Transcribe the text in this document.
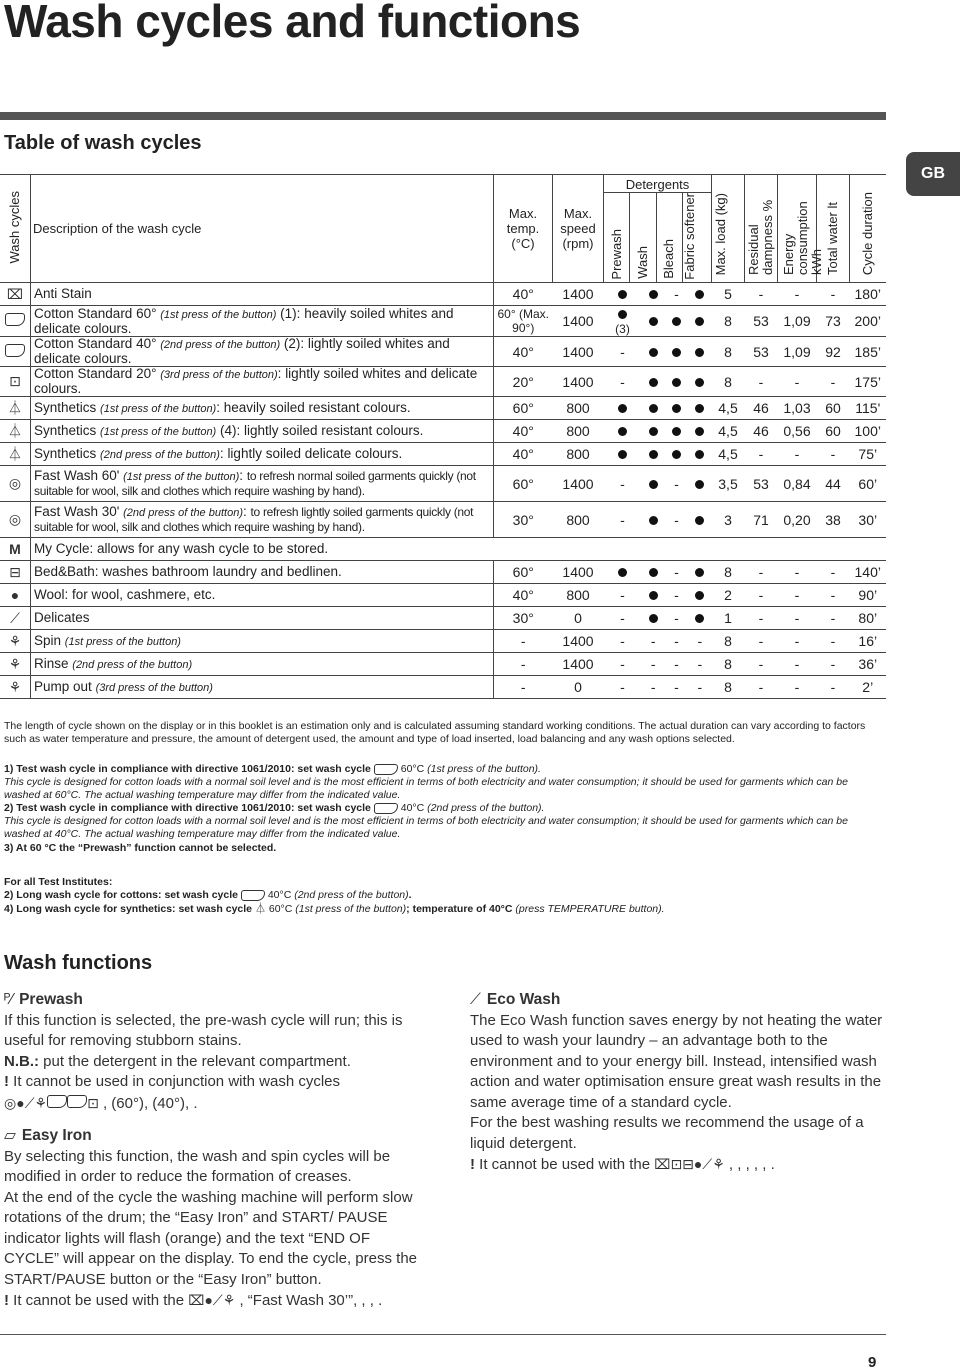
Wash cycles and functions
Table of wash cycles
GB
Wash cycles	Description of the wash cycle	Max. temp. (°C)	Max. speed (rpm)	Detergents
Prewash Wash Bleach Fabric softener				Max. load (kg)	Residual dampness %	Energy consumption kWh	Total water lt	Cycle duration
⌧	Anti Stain	40°	1400			-		5	-	-	-	180’
	Cotton Standard 60° (1st press of the button) (1): heavily soiled whites and delicate colours.	60° (Max. 90°)	1400	(3)				8	53	1,09	73	200’
	Cotton Standard 40° (2nd press of the button) (2): lightly soiled whites and delicate colours.	40°	1400	-				8	53	1,09	92	185’
⊡	Cotton Standard 20° (3rd press of the button): lightly soiled whites and delicate colours.	20°	1400	-				8	-	-	-	175’
⏃	Synthetics (1st press of the button): heavily soiled resistant colours.	60°	800					4,5	46	1,03	60	115'
⏃	Synthetics (1st press of the button) (4): lightly soiled resistant colours.	40°	800					4,5	46	0,56	60	100’
⏃	Synthetics (2nd press of the button): lightly soiled delicate colours.	40°	800					4,5	-	-	-	75’
◎	Fast Wash 60' (1st press of the button): to refresh normal soiled garments quickly (not suitable for wool, silk and clothes which require washing by hand).	60°	1400	-		-		3,5	53	0,84	44	60’
◎	Fast Wash 30' (2nd press of the button): to refresh lightly soiled garments quickly (not suitable for wool, silk and clothes which require washing by hand).	30°	800	-		-		3	71	0,20	38	30’
M	My Cycle: allows for any wash cycle to be stored.											
⊟	Bed&Bath: washes bathroom laundry and bedlinen.	60°	1400			-		8	-	-	-	140’
●	Wool: for wool, cashmere, etc.	40°	800	-		-		2	-	-	-	90’
⟋	Delicates	30°	0	-		-		1	-	-	-	80’
⚘	Spin (1st press of the button)	-	1400	-	-	-	-	8	-	-	-	16’
⚘	Rinse (2nd press of the button)	-	1400	-	-	-	-	8	-	-	-	36’
⚘	Pump out (3rd press of the button)	-	0	-	-	-	-	8	-	-	-	2’
The length of cycle shown on the display or in this booklet is an estimation only and is calculated assuming standard working conditions. The actual duration can vary according to factors such as water temperature and pressure, the amount of detergent used, the amount and type of load inserted, load balancing and any wash options selected.
1) Test wash cycle in compliance with directive 1061/2010: set wash cycle	60°C (1st press of the button).
This cycle is designed for cotton loads with a normal soil level and is the most efficient in terms of both electricity and water consumption; it should be used for garments which can be washed at 60°C. The actual washing temperature may differ from the indicated value.
2) Test wash cycle in compliance with directive 1061/2010: set wash cycle	40°C (2nd press of the button).
This cycle is designed for cotton loads with a normal soil level and is the most efficient in terms of both electricity and water consumption; it should be used for garments which can be washed at 40°C. The actual washing temperature may differ from the indicated value.
3) At 60 °C the “Prewash” function cannot be selected.
For all Test Institutes:
2) Long wash cycle for cottons: set wash cycle	40°C (2nd press of the button).
4) Long wash cycle for synthetics: set wash cycle ⏃ 60°C (1st press of the button); temperature of 40°C (press TEMPERATURE button).
Wash functions
ᴾ⁄ Prewash

If this function is selected, the pre-wash cycle will run; this is useful for removing stubborn stains.

N.B.: put the detergent in the relevant compartment.

! It cannot be used in conjunction with wash cycles

◎●⟋⚘	⊡ , (60°), (40°), .

⏥ Easy Iron

By selecting this function, the wash and spin cycles will be modified in order to reduce the formation of creases.

At the end of the cycle the washing machine will perform slow rotations of the drum; the “Easy Iron” and START/ PAUSE indicator lights will flash (orange) and the text “END OF CYCLE” will appear on the display. To end the cycle, press the START/PAUSE button or the “Easy Iron” button.

! It cannot be used with the ⌧●⟋⚘ , “Fast Wash 30’”, , , .

⟋ Eco Wash

The Eco Wash function saves energy by not heating the water used to wash your laundry – an advantage both to the environment and to your energy bill. Instead, intensified wash action and water optimisation ensure great wash results in the same average time of a standard cycle.

For the best washing results we recommend the usage of a liquid detergent.

! It cannot be used with the ⌧⊡⊟●⟋⚘ , , , , , .

9
